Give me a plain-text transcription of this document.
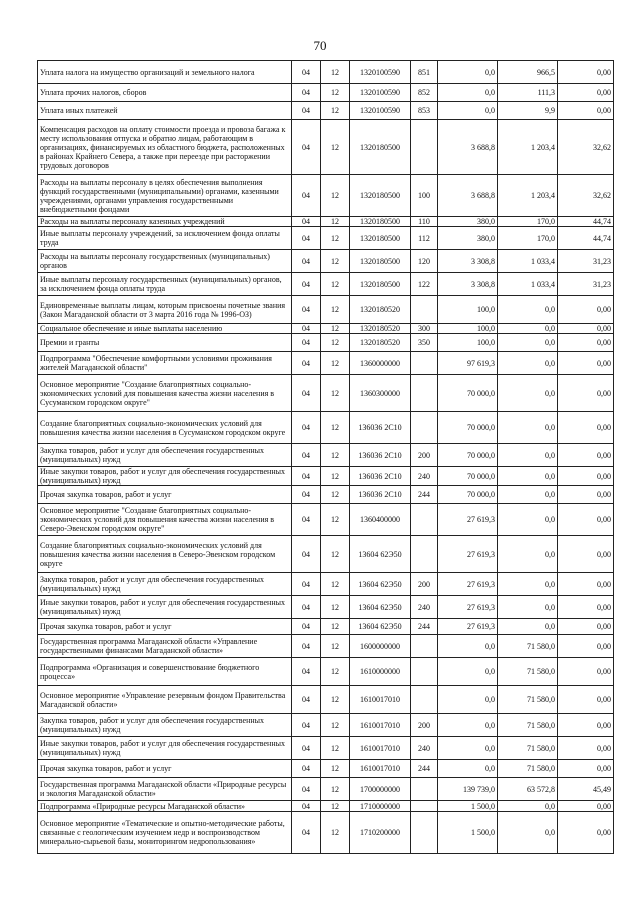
70
Уплата налога на имущество организаций и земельного налога	04	12	1320100590	851	0,0	966,5	0,00
Уплата прочих налогов, сборов	04	12	1320100590	852	0,0	111,3	0,00
Уплата иных платежей	04	12	1320100590	853	0,0	9,9	0,00
Компенсация расходов на оплату стоимости проезда и провоза багажа к месту использования отпуска и обратно лицам, работающим в организациях, финансируемых из областного бюджета, расположенных в районах Крайнего Севера, а также при переезде при расторжении трудовых договоров	04	12	1320180500		3 688,8	1 203,4	32,62
Расходы на выплаты персоналу в целях обеспечения выполнения функций государственными (муниципальными) органами, казенными учреждениями, органами управления государственными внебюджетными фондами	04	12	1320180500	100	3 688,8	1 203,4	32,62
Расходы на выплаты персоналу казенных учреждений	04	12	1320180500	110	380,0	170,0	44,74
Иные выплаты персоналу учреждений, за исключением фонда оплаты труда	04	12	1320180500	112	380,0	170,0	44,74
Расходы на выплаты персоналу государственных (муниципальных) органов	04	12	1320180500	120	3 308,8	1 033,4	31,23
Иные выплаты персоналу государственных (муниципальных) органов, за исключением фонда оплаты труда	04	12	1320180500	122	3 308,8	1 033,4	31,23
Единовременные выплаты лицам, которым присвоены почетные звания (Закон Магаданской области от 3 марта 2016 года № 1996-ОЗ)	04	12	1320180520		100,0	0,0	0,00
Социальное обеспечение и иные выплаты населению	04	12	1320180520	300	100,0	0,0	0,00
Премии и гранты	04	12	1320180520	350	100,0	0,0	0,00
Подпрограмма "Обеспечение комфортными условиями проживания жителей Магаданской области"	04	12	1360000000		97 619,3	0,0	0,00
Основное мероприятие "Создание благоприятных социально-экономических условий для повышения качества жизни населения в Сусуманском городском округе"	04	12	1360300000		70 000,0	0,0	0,00
Создание благоприятных социально-экономических условий для повышения качества жизни населения в Сусуманском городском округе	04	12	136036 2С10		70 000,0	0,0	0,00
Закупка товаров, работ и услуг для обеспечения государственных (муниципальных) нужд	04	12	136036 2С10	200	70 000,0	0,0	0,00
Иные закупки товаров, работ и услуг для обеспечения государственных (муниципальных) нужд	04	12	136036 2С10	240	70 000,0	0,0	0,00
Прочая закупка товаров, работ и услуг	04	12	136036 2С10	244	70 000,0	0,0	0,00
Основное мероприятие "Создание благоприятных социально-экономических условий для повышения качества жизни населения в Северо-Эвенском городском округе"	04	12	1360400000		27 619,3	0,0	0,00
Создание благоприятных социально-экономических условий для повышения качества жизни населения в Северо-Эвенском городском округе	04	12	13604 62Э50		27 619,3	0,0	0,00
Закупка товаров, работ и услуг для обеспечения государственных (муниципальных) нужд	04	12	13604 62Э50	200	27 619,3	0,0	0,00
Иные закупки товаров, работ и услуг для обеспечения государственных (муниципальных) нужд	04	12	13604 62Э50	240	27 619,3	0,0	0,00
Прочая закупка товаров, работ и услуг	04	12	13604 62Э50	244	27 619,3	0,0	0,00
Государственная программа Магаданской области «Управление государственными финансами Магаданской области»	04	12	1600000000		0,0	71 580,0	0,00
Подпрограмма «Организация и совершенствование бюджетного процесса»	04	12	1610000000		0,0	71 580,0	0,00
Основное мероприятие «Управление резервным фондом Правительства Магаданской области»	04	12	1610017010		0,0	71 580,0	0,00
Закупка товаров, работ и услуг для обеспечения государственных (муниципальных) нужд	04	12	1610017010	200	0,0	71 580,0	0,00
Иные закупки товаров, работ и услуг для обеспечения государственных (муниципальных) нужд	04	12	1610017010	240	0,0	71 580,0	0,00
Прочая закупка товаров, работ и услуг	04	12	1610017010	244	0,0	71 580,0	0,00
Государственная программа Магаданской области «Природные ресурсы и экология Магаданской области»	04	12	1700000000		139 739,0	63 572,8	45,49
Подпрограмма «Природные ресурсы Магаданской области»	04	12	1710000000		1 500,0	0,0	0,00
Основное мероприятие «Тематические и опытно-методические работы, связанные с геологическим изучением недр и воспроизводством минерально-сырьевой базы, мониторингом недропользования»	04	12	1710200000		1 500,0	0,0	0,00
